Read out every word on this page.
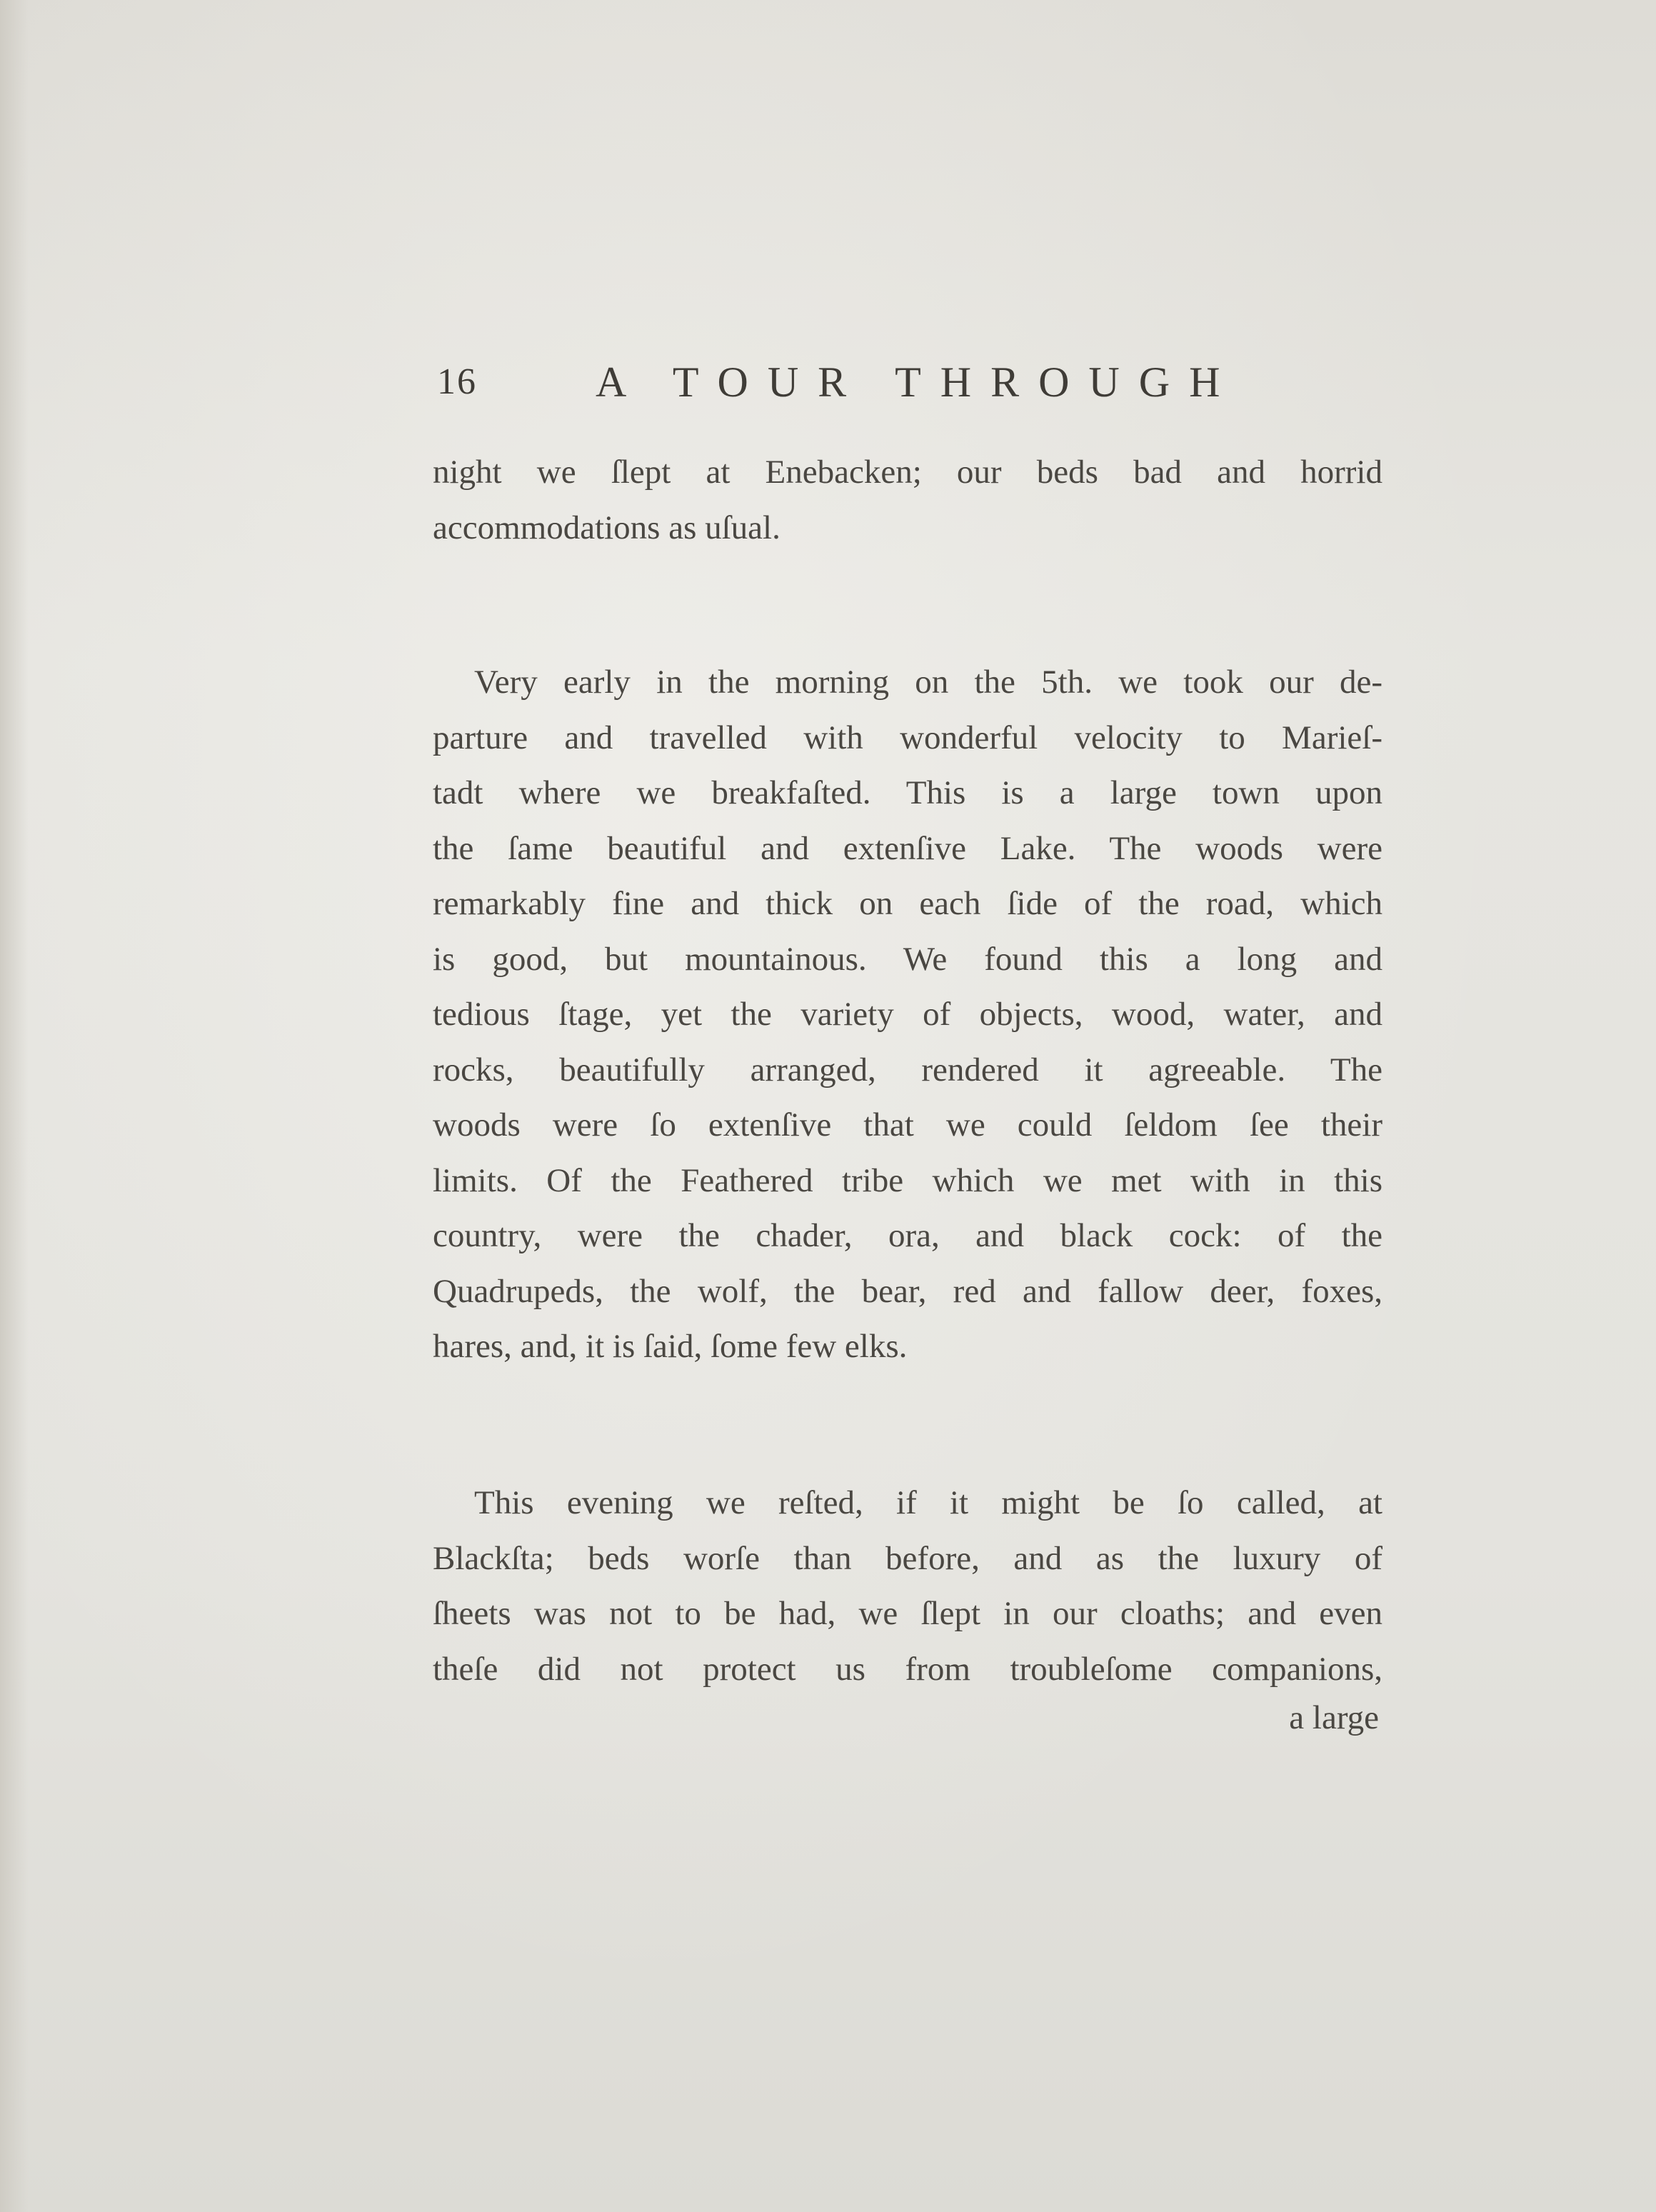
16	A TOUR THROUGH
night we ſlept at Enebacken; our beds bad and horrid
accommodations as uſual.
Very early in the morning on the 5th. we took our de-
parture and travelled with wonderful velocity to Marieſ-
tadt where we breakfaſted. This is a large town upon
the ſame beautiful and extenſive Lake. The woods were
remarkably fine and thick on each ſide of the road, which
is good, but mountainous. We found this a long and
tedious ſtage, yet the variety of objects, wood, water, and
rocks, beautifully arranged, rendered it agreeable. The
woods were ſo extenſive that we could ſeldom ſee their
limits. Of the Feathered tribe which we met with in this
country, were the chader, ora, and black cock: of the
Quadrupeds, the wolf, the bear, red and fallow deer, foxes,
hares, and, it is ſaid, ſome few elks.
This evening we reſted, if it might be ſo called, at
Blackſta; beds worſe than before, and as the luxury of
ſheets was not to be had, we ſlept in our cloaths; and even
theſe did not protect us from troubleſome companions,
a large
